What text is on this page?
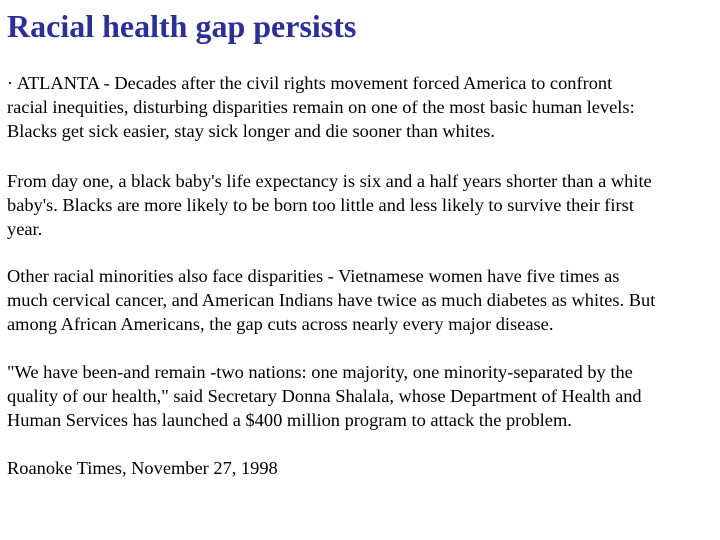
Racial health gap persists

· ATLANTA - Decades after the civil rights movement forced America to confront
racial inequities, disturbing disparities remain on one of the most basic human levels:
Blacks get sick easier, stay sick longer and die sooner than whites.

From day one, a black baby's life expectancy is six and a half years shorter than a white
baby's. Blacks are more likely to be born too little and less likely to survive their first
year.

Other racial minorities also face disparities - Vietnamese women have five times as
much cervical cancer, and American Indians have twice as much diabetes as whites. But
among African Americans, the gap cuts across nearly every major disease.

"We have been-and remain -two nations: one majority, one minority-separated by the
quality of our health," said Secretary Donna Shalala, whose Department of Health and
Human Services has launched a $400 million program to attack the problem.

Roanoke Times, November 27, 1998
